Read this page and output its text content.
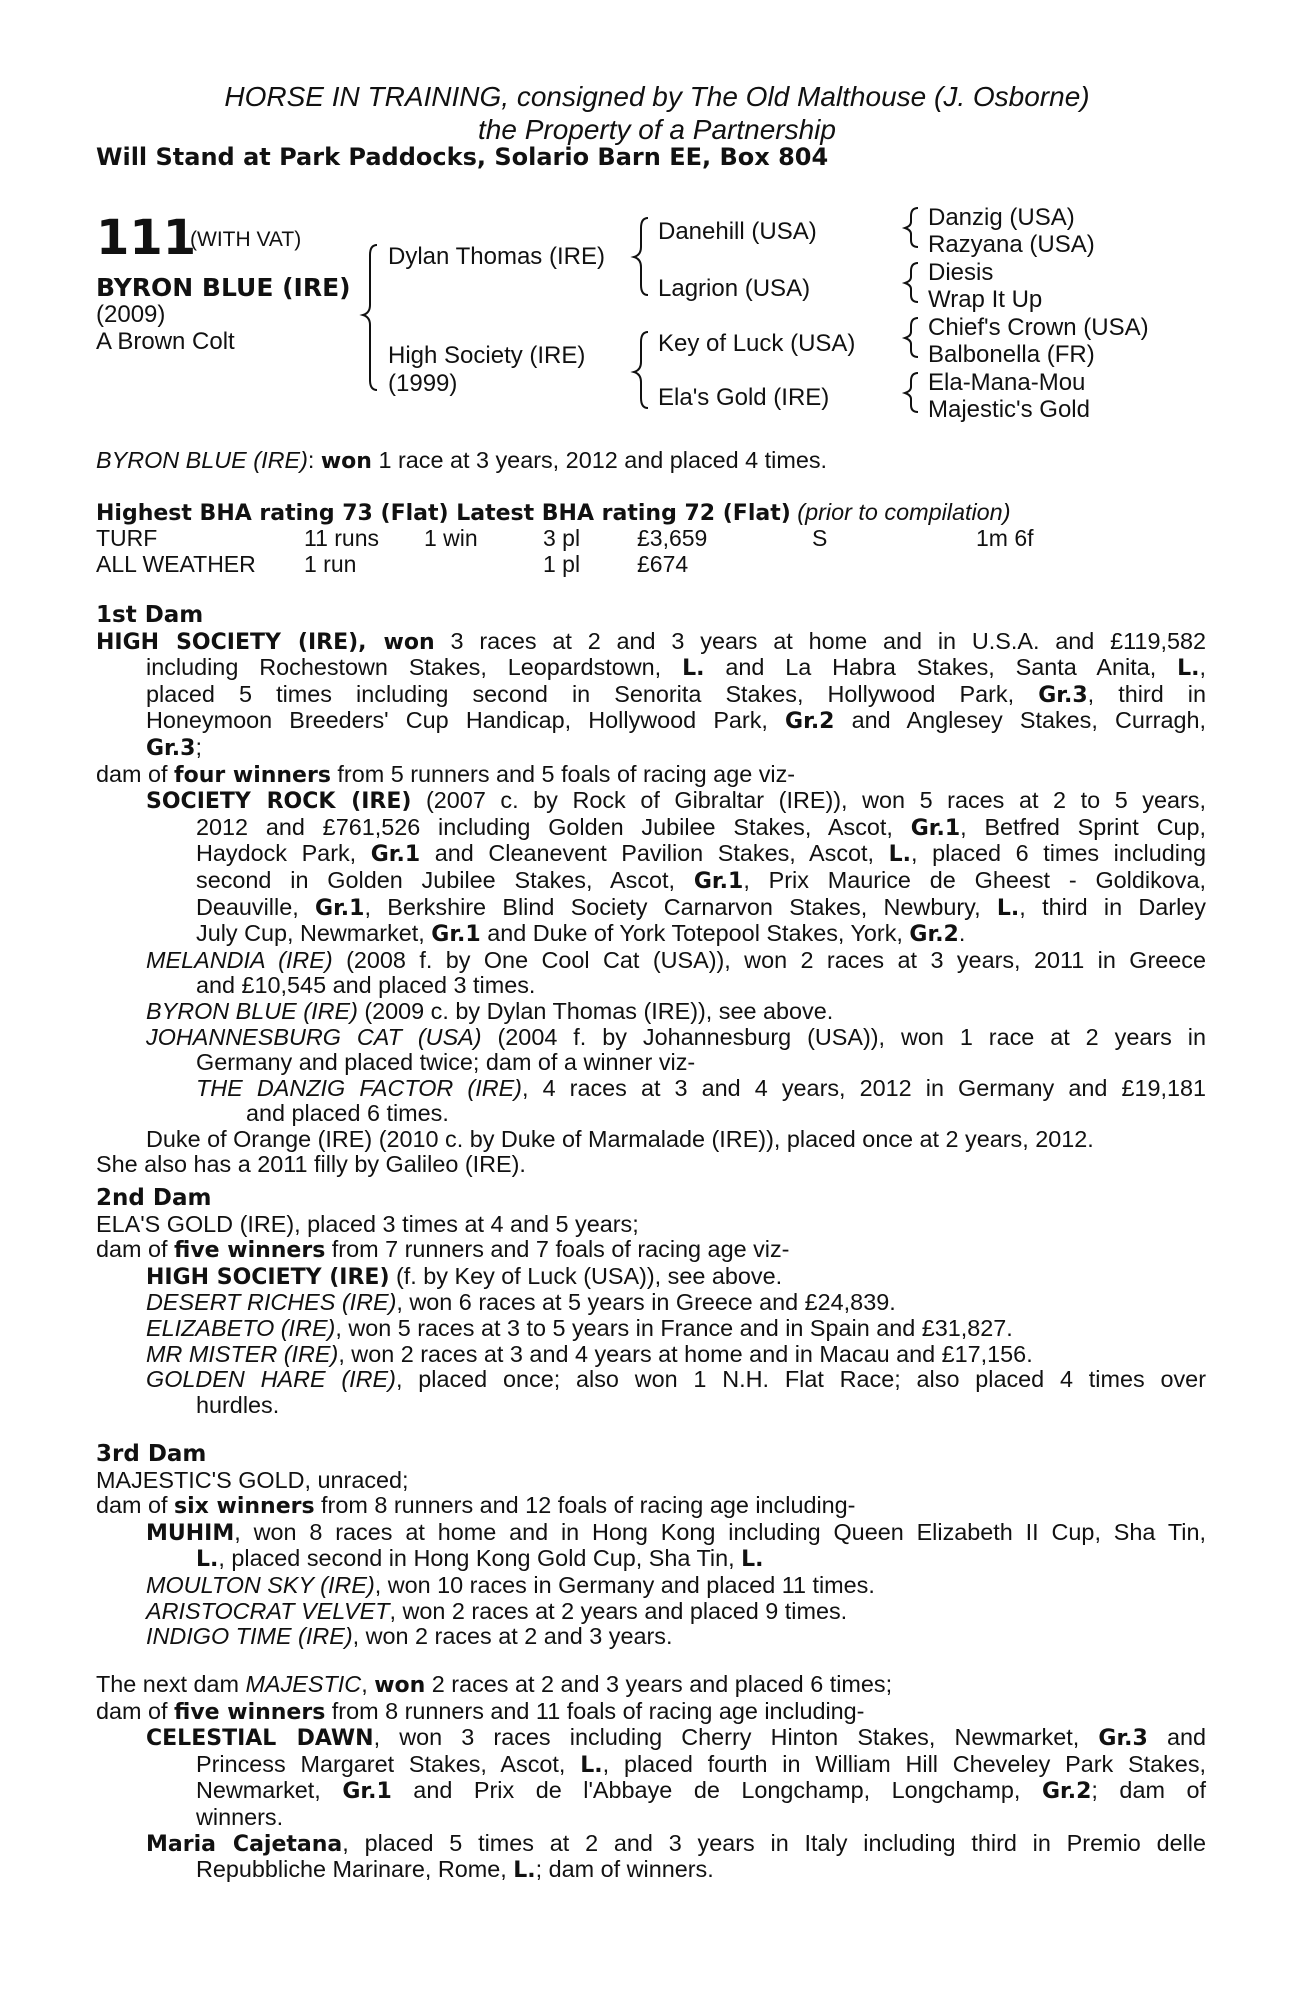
HORSE IN TRAINING, consigned by The Old Malthouse (J. Osborne)
the Property of a Partnership
Will Stand at Park Paddocks, Solario Barn EE, Box 804
111
(WITH VAT)
BYRON BLUE (IRE)
(2009)
A Brown Colt
Dylan Thomas (IRE)
High Society (IRE)
(1999)
Danehill (USA)
Lagrion (USA)
Key of Luck (USA)
Ela's Gold (IRE)
Danzig (USA)
Razyana (USA)
Diesis
Wrap It Up
Chief's Crown (USA)
Balbonella (FR)
Ela-Mana-Mou
Majestic's Gold

BYRON BLUE (IRE): won 1 race at 3 years, 2012 and placed 4 times.

Highest BHA rating 73 (Flat) Latest BHA rating 72 (Flat) (prior to compilation)

TURF	11 runs 1 win	3 pl £3,659	S	1m 6f
ALL WEATHER 1 run	1 pl £674

1st Dam

HIGH SOCIETY (IRE), won 3 races at 2 and 3 years at home and in U.S.A. and £119,582

including Rochestown Stakes, Leopardstown, L. and La Habra Stakes, Santa Anita, L.,

placed 5 times including second in Senorita Stakes, Hollywood Park, Gr.3, third in

Honeymoon Breeders' Cup Handicap, Hollywood Park, Gr.2 and Anglesey Stakes, Curragh,

Gr.3;

dam of four winners from 5 runners and 5 foals of racing age viz-

SOCIETY ROCK (IRE) (2007 c. by Rock of Gibraltar (IRE)), won 5 races at 2 to 5 years,

2012 and £761,526 including Golden Jubilee Stakes, Ascot, Gr.1, Betfred Sprint Cup,

Haydock Park, Gr.1 and Cleanevent Pavilion Stakes, Ascot, L., placed 6 times including

second in Golden Jubilee Stakes, Ascot, Gr.1, Prix Maurice de Gheest - Goldikova,

Deauville, Gr.1, Berkshire Blind Society Carnarvon Stakes, Newbury, L., third in Darley

July Cup, Newmarket, Gr.1 and Duke of York Totepool Stakes, York, Gr.2.

MELANDIA (IRE) (2008 f. by One Cool Cat (USA)), won 2 races at 3 years, 2011 in Greece

and £10,545 and placed 3 times.

BYRON BLUE (IRE) (2009 c. by Dylan Thomas (IRE)), see above.

JOHANNESBURG CAT (USA) (2004 f. by Johannesburg (USA)), won 1 race at 2 years in

Germany and placed twice; dam of a winner viz-

THE DANZIG FACTOR (IRE), 4 races at 3 and 4 years, 2012 in Germany and £19,181

and placed 6 times.

Duke of Orange (IRE) (2010 c. by Duke of Marmalade (IRE)), placed once at 2 years, 2012.

She also has a 2011 filly by Galileo (IRE).

2nd Dam

ELA'S GOLD (IRE), placed 3 times at 4 and 5 years;

dam of five winners from 7 runners and 7 foals of racing age viz-

HIGH SOCIETY (IRE) (f. by Key of Luck (USA)), see above.

DESERT RICHES (IRE), won 6 races at 5 years in Greece and £24,839.

ELIZABETO (IRE), won 5 races at 3 to 5 years in France and in Spain and £31,827.

MR MISTER (IRE), won 2 races at 3 and 4 years at home and in Macau and £17,156.

GOLDEN HARE (IRE), placed once; also won 1 N.H. Flat Race; also placed 4 times over

hurdles.

3rd Dam

MAJESTIC'S GOLD, unraced;

dam of six winners from 8 runners and 12 foals of racing age including-

MUHIM, won 8 races at home and in Hong Kong including Queen Elizabeth II Cup, Sha Tin,

L., placed second in Hong Kong Gold Cup, Sha Tin, L.

MOULTON SKY (IRE), won 10 races in Germany and placed 11 times.

ARISTOCRAT VELVET, won 2 races at 2 years and placed 9 times.

INDIGO TIME (IRE), won 2 races at 2 and 3 years.

The next dam MAJESTIC, won 2 races at 2 and 3 years and placed 6 times;

dam of five winners from 8 runners and 11 foals of racing age including-

CELESTIAL DAWN, won 3 races including Cherry Hinton Stakes, Newmarket, Gr.3 and

Princess Margaret Stakes, Ascot, L., placed fourth in William Hill Cheveley Park Stakes,

Newmarket, Gr.1 and Prix de l'Abbaye de Longchamp, Longchamp, Gr.2; dam of

winners.

Maria Cajetana, placed 5 times at 2 and 3 years in Italy including third in Premio delle

Repubbliche Marinare, Rome, L.; dam of winners.
